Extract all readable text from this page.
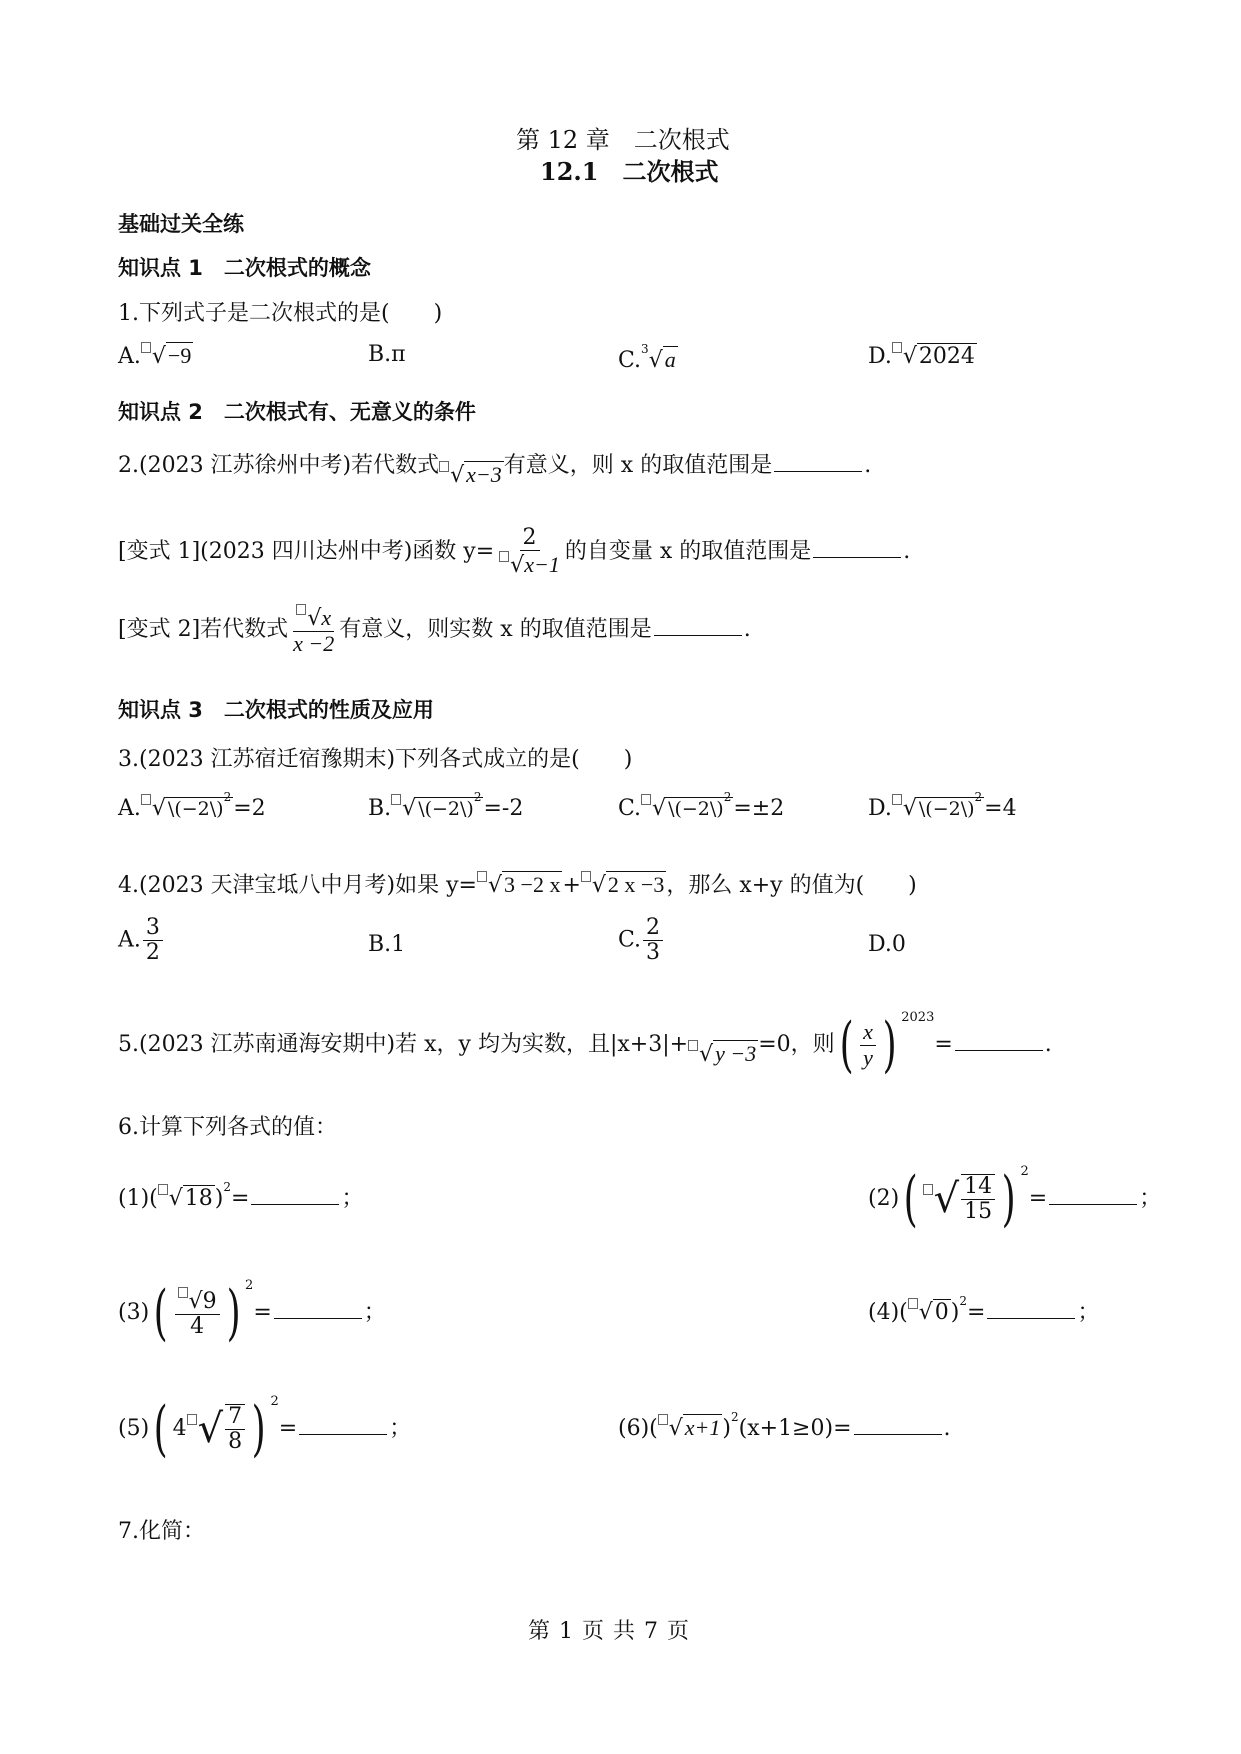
第 12 章　二次根式
12.1　二次根式
基础过关全练
知识点 1　二次根式的概念
1.下列式子是二次根式的是(　　)
A. √−9	B.π	C.$^3$√a	D. √2024
知识点 2　二次根式有、无意义的条件
2.(2023 江苏徐州中考)若代数式 √x−3有意义，则 x 的取值范围是	.
[变式 1](2023 四川达州中考)函数 $y= \frac{2}{√x-1}$ 的自变量 x 的取值范围是	.
[变式 2]若代数式 $\frac{√x}{x -2}$ 有意义，则实数 x 的取值范围是	.
知识点 3　二次根式的性质及应用
3.(2023 江苏宿迁宿豫期末)下列各式成立的是(　　)
A. √ \(−2\)$^2$=2	B. √ \(−2\)$^2$=-2	C. √ \(−2\)$^2$=±2	D. √ \(−2\)$^2$=4
4.(2023 天津宝坻八中月考)如果 y= √3 −2 x+ √2 x −3，那么 x+y 的值为(　　)
A. $\frac{3}{2}$	B.1	C. $\frac{2}{3}$	D.0
5.(2023 江苏南通海安期中)若 x，y 均为实数，且|x+3|+ √y −3=0，则( $\frac{x}{y}$ ) $^{2023}$=	.
6.计算下列各式的值：
(1)( √18)$^2$=	；	(2)( √ $\frac{14}{15}$ ) $^2$=	；
$(3)( \frac{√9}{4}$ ) $^2$=	；	(4)( √0)$^2$=	；
(5)( 4 √ $\frac{7}{8}$ ) $^2$=	；	(6)( √x+1)$^2$(x+1≥0)=	.
7.化简：
第 1 页 共 7 页
